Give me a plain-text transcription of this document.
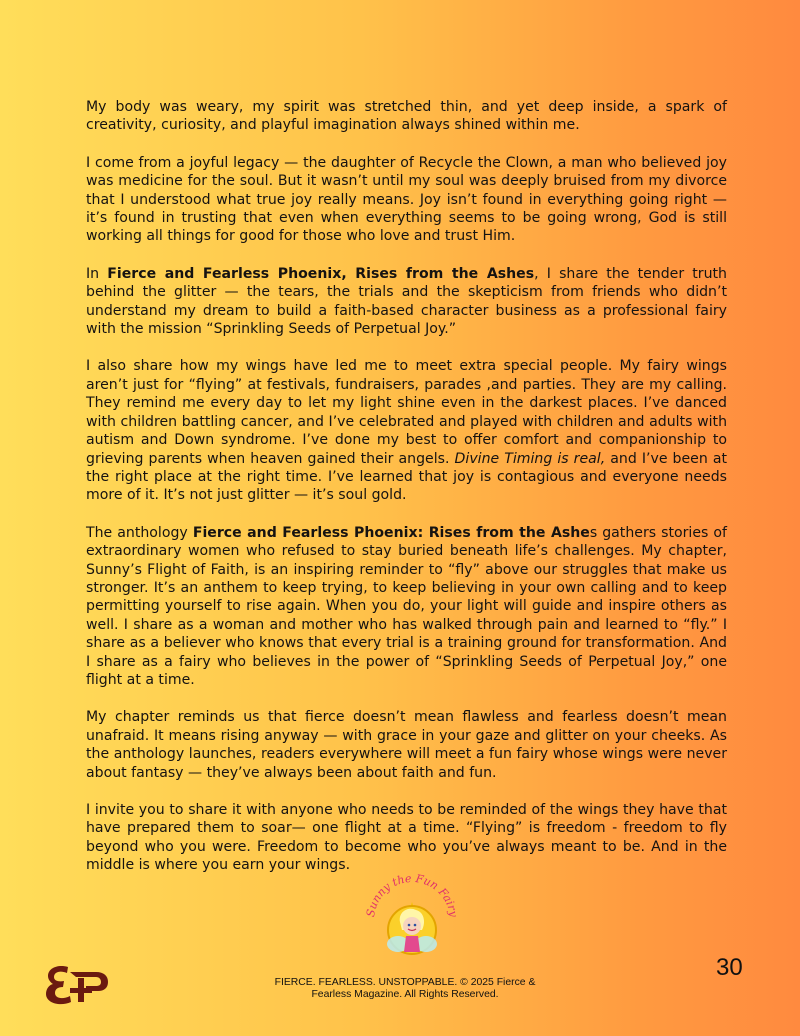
My body was weary, my spirit was stretched thin, and yet deep inside, a spark of creativity, curiosity, and playful imagination always shined within me.

I come from a joyful legacy — the daughter of Recycle the Clown, a man who believed joy was medicine for the soul. But it wasn’t until my soul was deeply bruised from my divorce that I understood what true joy really means. Joy isn’t found in everything going right — it’s found in trusting that even when everything seems to be going wrong, God is still working all things for good for those who love and trust Him.

In Fierce and Fearless Phoenix, Rises from the Ashes, I share the tender truth behind the glitter — the tears, the trials and the skepticism from friends who didn’t understand my dream to build a faith-based character business as a professional fairy with the mission “Sprinkling Seeds of Perpetual Joy.”

I also share how my wings have led me to meet extra special people. My fairy wings aren’t just for “flying” at festivals, fundraisers, parades ,and parties. They are my calling. They remind me every day to let my light shine even in the darkest places. I’ve danced with children battling cancer, and I’ve celebrated and played with children and adults with autism and Down syndrome. I’ve done my best to offer comfort and companionship to grieving parents when heaven gained their angels. Divine Timing is real, and I’ve been at the right place at the right time. I’ve learned that joy is contagious and everyone needs more of it. It’s not just glitter — it’s soul gold.

The anthology Fierce and Fearless Phoenix: Rises from the Ashes gathers stories of extraordinary women who refused to stay buried beneath life’s challenges. My chapter, Sunny’s Flight of Faith, is an inspiring reminder to “fly” above our struggles that make us stronger. It’s an anthem to keep trying, to keep believing in your own calling and to keep permitting yourself to rise again. When you do, your light will guide and inspire others as well. I share as a woman and mother who has walked through pain and learned to “fly.” I share as a believer who knows that every trial is a training ground for transformation. And I share as a fairy who believes in the power of “Sprinkling Seeds of Perpetual Joy,” one flight at a time.

My chapter reminds us that fierce doesn’t mean flawless and fearless doesn’t mean unafraid. It means rising anyway — with grace in your gaze and glitter on your cheeks. As the anthology launches, readers everywhere will meet a fun fairy whose wings were never about fantasy — they’ve always been about faith and fun.

I invite you to share it with anyone who needs to be reminded of the wings they have that have prepared them to soar— one flight at a time. “Flying” is freedom - freedom to fly beyond who you were. Freedom to become who you’ve always meant to be. And in the middle is where you earn your wings.

Sunny the Fun Fairy
FIERCE. FEARLESS. UNSTOPPABLE. © 2025 Fierce &
Fearless Magazine. All Rights Reserved.
30
